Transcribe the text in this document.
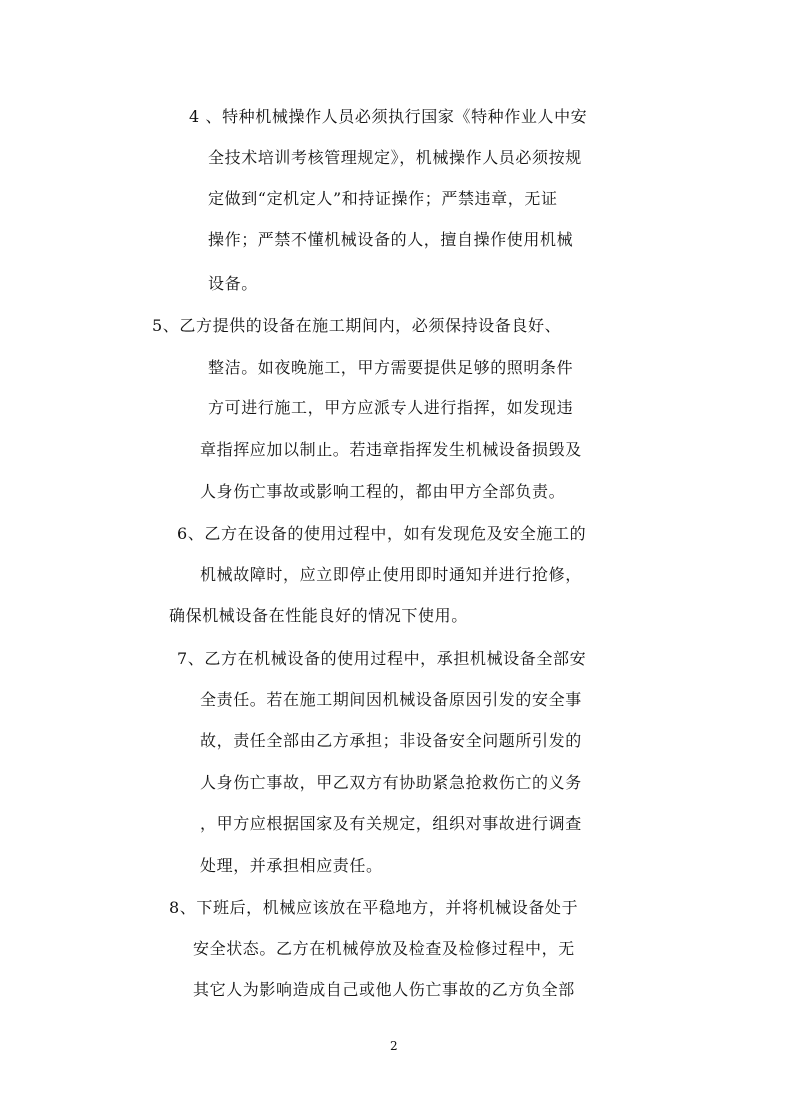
4 、特种机械操作人员必须执行国家《特种作业人中安
全技术培训考核管理规定》，机械操作人员必须按规
定做到“定机定人”和持证操作；严禁违章，无证
操作；严禁不懂机械设备的人，擅自操作使用机械
设备。
5、乙方提供的设备在施工期间内，必须保持设备良好、
整洁。如夜晚施工，甲方需要提供足够的照明条件
方可进行施工，甲方应派专人进行指挥，如发现违
章指挥应加以制止。若违章指挥发生机械设备损毁及
人身伤亡事故或影响工程的，都由甲方全部负责。
6、乙方在设备的使用过程中，如有发现危及安全施工的
机械故障时，应立即停止使用即时通知并进行抢修，
确保机械设备在性能良好的情况下使用。
7、乙方在机械设备的使用过程中，承担机械设备全部安
全责任。若在施工期间因机械设备原因引发的安全事
故，责任全部由乙方承担；非设备安全问题所引发的
人身伤亡事故，甲乙双方有协助紧急抢救伤亡的义务
，甲方应根据国家及有关规定，组织对事故进行调查
处理，并承担相应责任。
8、下班后，机械应该放在平稳地方，并将机械设备处于
安全状态。乙方在机械停放及检查及检修过程中，无
其它人为影响造成自己或他人伤亡事故的乙方负全部
2
